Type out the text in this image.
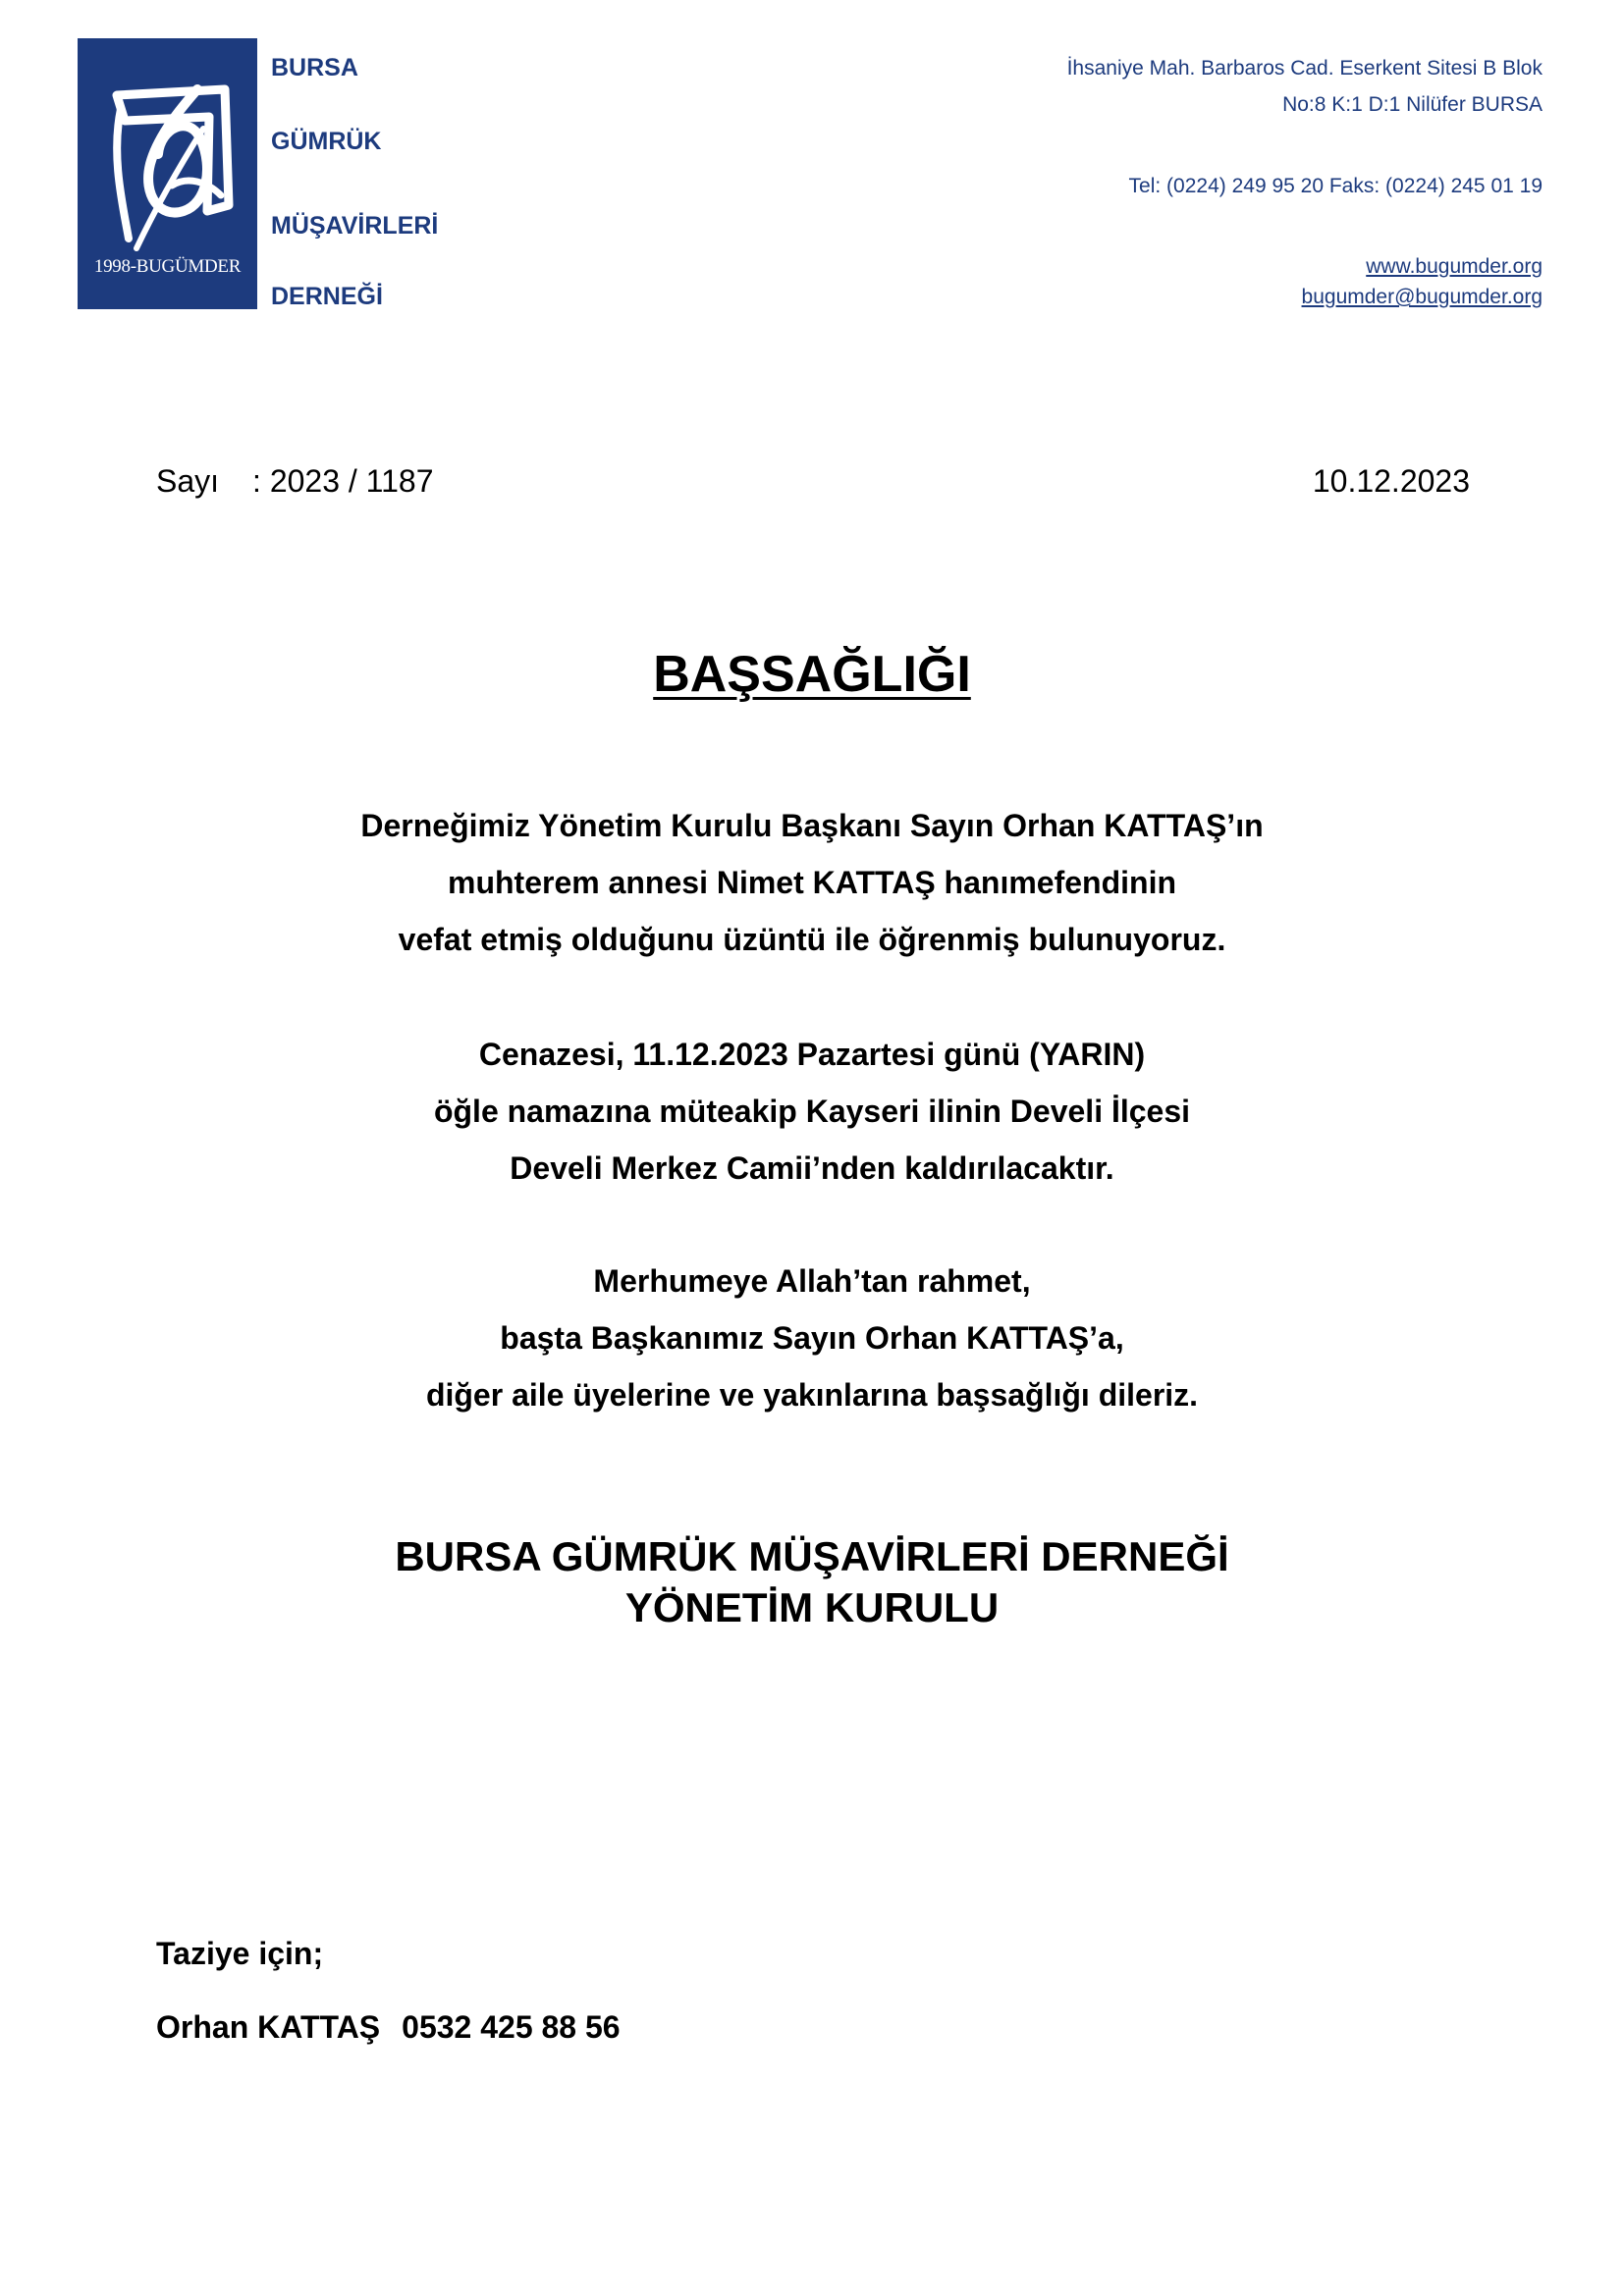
1998-BUGÜMDER
BURSA
GÜMRÜK
MÜŞAVİRLERİ
DERNEĞİ
İhsaniye Mah. Barbaros Cad. Eserkent Sitesi B Blok
No:8 K:1 D:1 Nilüfer BURSA
Tel: (0224) 249 95 20 Faks: (0224) 245 01 19
www.bugumder.org
bugumder@bugumder.org
Sayı : 2023 / 1187	10.12.2023
BAŞSAĞLIĞI
Derneğimiz Yönetim Kurulu Başkanı Sayın Orhan KATTAŞ’ın
muhterem annesi Nimet KATTAŞ hanımefendinin
vefat etmiş olduğunu üzüntü ile öğrenmiş bulunuyoruz.
Cenazesi, 11.12.2023 Pazartesi günü (YARIN)
öğle namazına müteakip Kayseri ilinin Develi İlçesi
Develi Merkez Camii’nden kaldırılacaktır.
Merhumeye Allah’tan rahmet,
başta Başkanımız Sayın Orhan KATTAŞ’a,
diğer aile üyelerine ve yakınlarına başsağlığı dileriz.
BURSA GÜMRÜK MÜŞAVİRLERİ DERNEĞİ
YÖNETİM KURULU
Taziye için;
Orhan KATTAŞ 0532 425 88 56
